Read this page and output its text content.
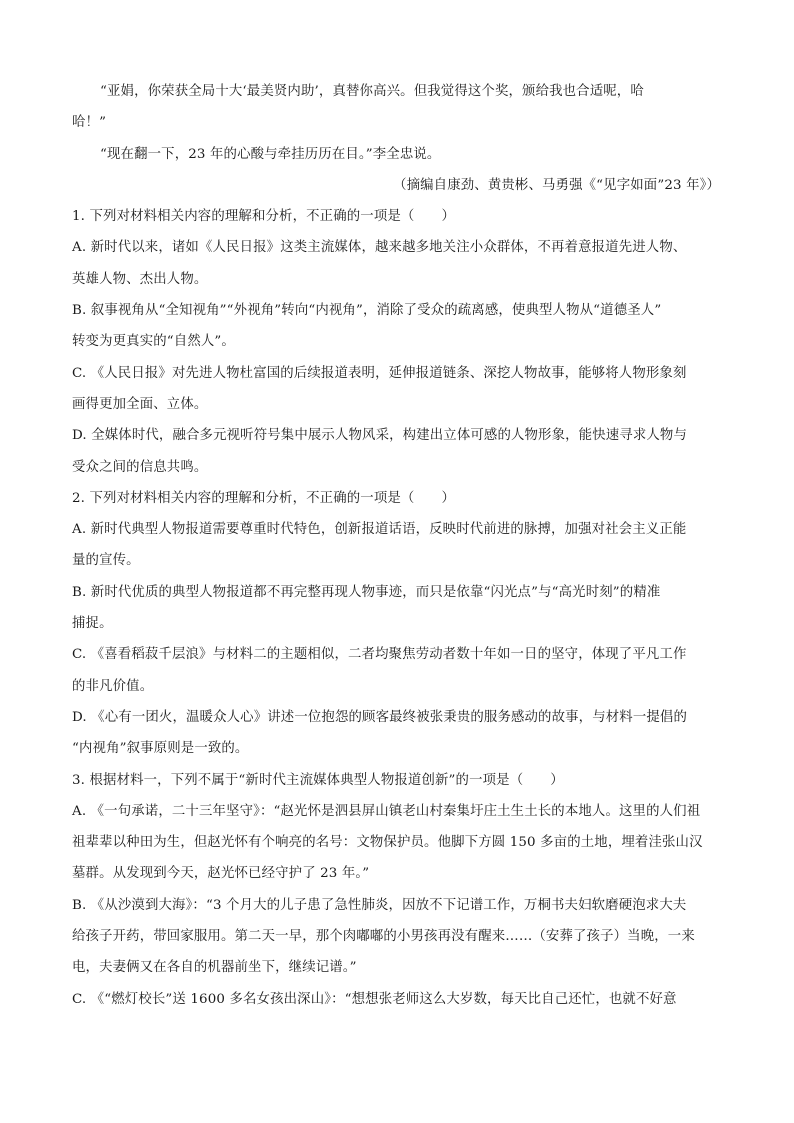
“亚娟，你荣获全局十大‘最美贤内助’，真替你高兴。但我觉得这个奖，颁给我也合适呢，哈
哈！”
“现在翻一下，23 年的心酸与牵挂历历在目。”李全忠说。
（摘编自康劲、黄贵彬、马勇强《“见字如面”23 年》）
1. 下列对材料相关内容的理解和分析，不正确的一项是（　　）
A. 新时代以来，诸如《人民日报》这类主流媒体，越来越多地关注小众群体，不再着意报道先进人物、
英雄人物、杰出人物。
B. 叙事视角从“全知视角”“外视角”转向“内视角”，消除了受众的疏离感，使典型人物从“道德圣人”
转变为更真实的“自然人”。
C. 《人民日报》对先进人物杜富国的后续报道表明，延伸报道链条、深挖人物故事，能够将人物形象刻
画得更加全面、立体。
D. 全媒体时代，融合多元视听符号集中展示人物风采，构建出立体可感的人物形象，能快速寻求人物与
受众之间的信息共鸣。
2. 下列对材料相关内容的理解和分析，不正确的一项是（　　）
A. 新时代典型人物报道需要尊重时代特色，创新报道话语，反映时代前进的脉搏，加强对社会主义正能
量的宣传。
B. 新时代优质的典型人物报道都不再完整再现人物事迹，而只是依靠“闪光点”与“高光时刻”的精准
捕捉。
C. 《喜看稻菽千层浪》与材料二的主题相似，二者均聚焦劳动者数十年如一日的坚守，体现了平凡工作
的非凡价值。
D. 《心有一团火，温暖众人心》讲述一位抱怨的顾客最终被张秉贵的服务感动的故事，与材料一提倡的
“内视角”叙事原则是一致的。
3. 根据材料一，下列不属于“新时代主流媒体典型人物报道创新”的一项是（　　）
A. 《一句承诺，二十三年坚守》：“赵光怀是泗县屏山镇老山村秦集圩庄土生土长的本地人。这里的人们祖
祖辈辈以种田为生，但赵光怀有个响亮的名号：文物保护员。他脚下方圆 150 多亩的土地，埋着洼张山汉
墓群。从发现到今天，赵光怀已经守护了 23 年。”
B. 《从沙漠到大海》：“3 个月大的儿子患了急性肺炎，因放不下记谱工作，万桐书夫妇软磨硬泡求大夫
给孩子开药，带回家服用。第二天一早，那个肉嘟嘟的小男孩再没有醒来……（安葬了孩子）当晚，一来
电，夫妻俩又在各自的机器前坐下，继续记谱。”
C. 《“燃灯校长”送 1600 多名女孩出深山》：“想想张老师这么大岁数，每天比自己还忙，也就不好意
